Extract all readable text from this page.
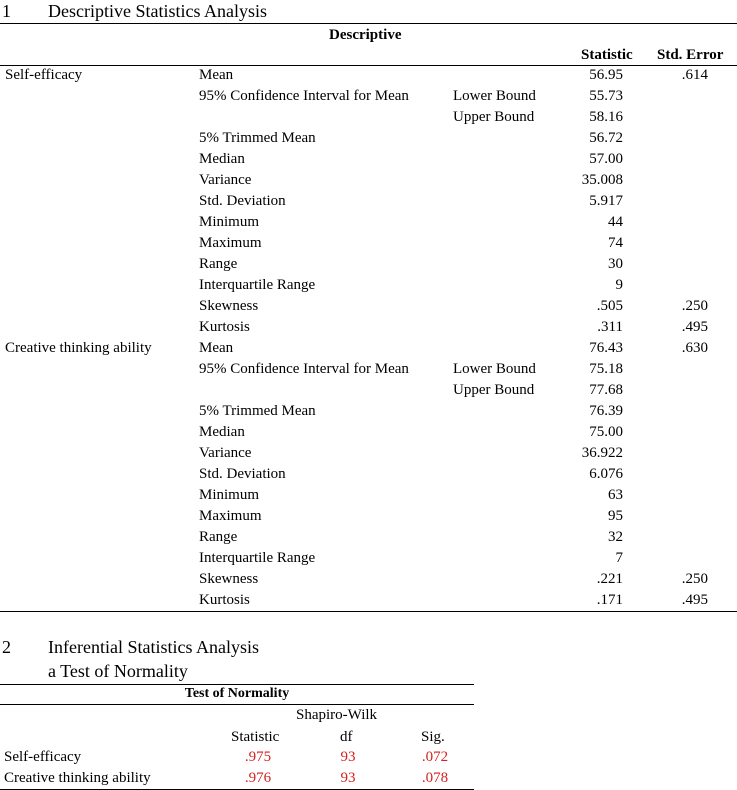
1 Descriptive Statistics Analysis
Descriptive
Statistic Std. Error
Self-efficacy	Mean	56.95	.614
95% Confidence Interval for Mean	Lower Bound	55.73
Upper Bound	58.16
5% Trimmed Mean	56.72
Median	57.00
Variance	35.008
Std. Deviation	5.917
Minimum	44
Maximum	74
Range	30
Interquartile Range	9
Skewness	.505	.250
Kurtosis	.311	.495
Creative thinking ability	Mean	76.43	.630
95% Confidence Interval for Mean	Lower Bound	75.18
Upper Bound	77.68
5% Trimmed Mean	76.39
Median	75.00
Variance	36.922
Std. Deviation	6.076
Minimum	63
Maximum	95
Range	32
Interquartile Range	7
Skewness	.221	.250
Kurtosis	.171	.495
2 Inferential Statistics Analysis
a Test of Normality
Test of Normality
Shapiro-Wilk
Statistic	df	Sig.
Self-efficacy	.975	93	.072
Creative thinking ability	.976	93	.078
